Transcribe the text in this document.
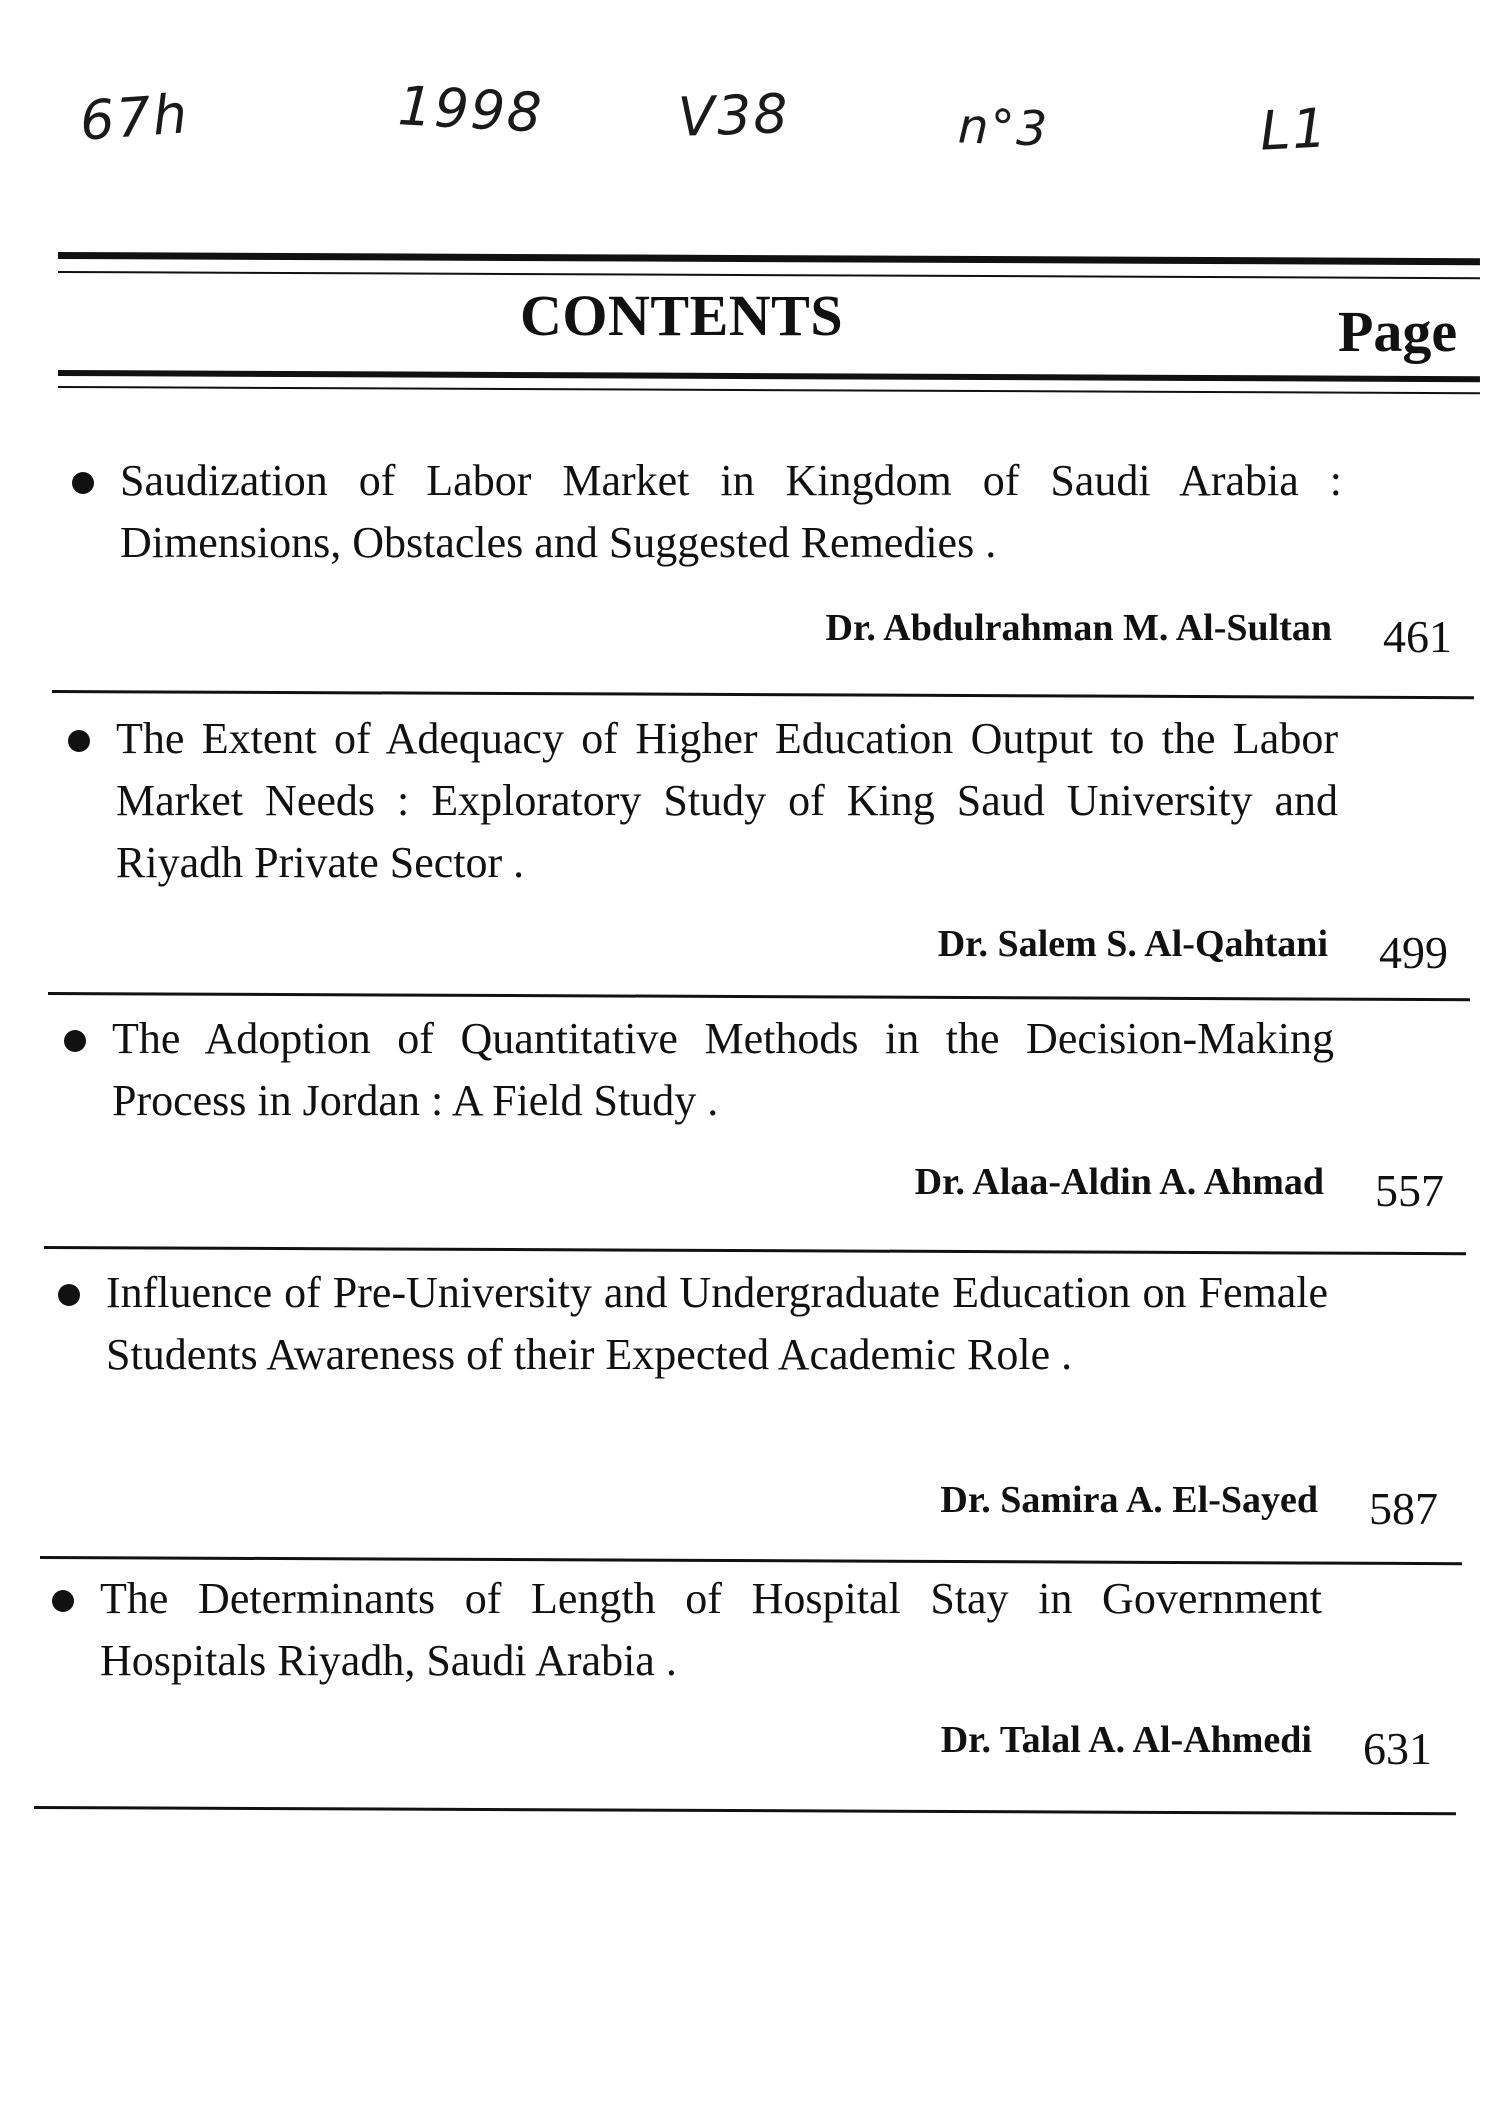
67h	1998 V38	n°3	L1
CONTENTS	Page
Saudization of Labor Market in Kingdom of Saudi Arabia : Dimensions, Obstacles and Suggested Remedies .
Dr. Abdulrahman M. Al-Sultan 461
The Extent of Adequacy of Higher Education Output to the Labor Market Needs : Exploratory Study of King Saud University and Riyadh Private Sector .
Dr. Salem S. Al-Qahtani 499
The Adoption of Quantitative Methods in the Decision-Making Process in Jordan : A Field Study .
Dr. Alaa-Aldin A. Ahmad 557
Influence of Pre-University and Undergraduate Education on Female Students Awareness of their Expected Academic Role .
Dr. Samira A. El-Sayed 587
The Determinants of Length of Hospital Stay in Government Hospitals Riyadh, Saudi Arabia .
Dr. Talal A. Al-Ahmedi 631
